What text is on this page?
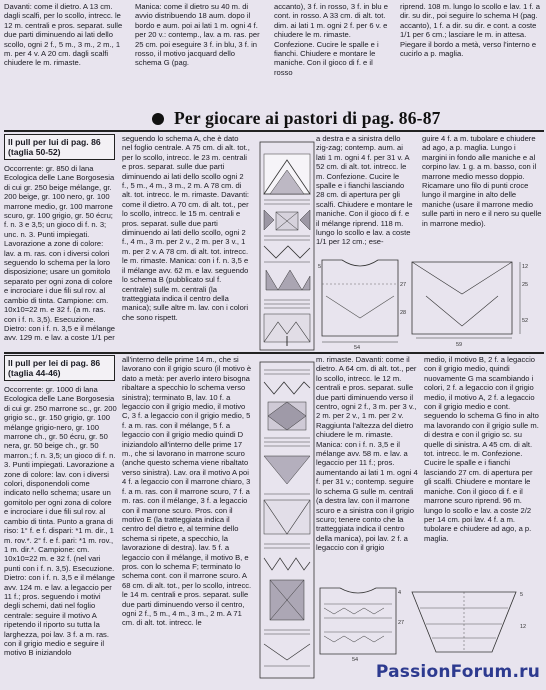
Davanti: come il dietro. A 13 cm. dagli scalfi, per lo scollo, intrecc. le 12 m. centrali e pros. separat. sulle due parti diminuendo ai lati dello scollo, ogni 2 f., 5 m., 3 m., 2 m., 1 m. per 4 v. A 20 cm. dagli scalfi chiudere le m. rimaste.

Manica: come il dietro su 40 m. di avvio distribuendo 18 aum. dopo il bordo e aum. poi ai lati 1 m. ogni 4 f. per 20 v.: contemp., lav. a m. ras. per 25 cm. poi eseguire 3 f. in blu, 3 f. in rosso, il motivo jacquard dello schema G (pag.

accanto), 3 f. in rosso, 3 f. in blu e cont. in rosso. A 33 cm. di alt. tot. dim. ai lati 1 m. ogni 2 f. per 6 v. e chiudere le m. rimaste. Confezione. Cucire le spalle e i fianchi. Chiudere e montare le maniche. Con il gioco di f. e il rosso

riprend. 108 m. lungo lo scollo e lav. 1 f. a dir. su dir., poi seguire lo schema H (pag. accanto), 1 f. a dir. su dir. e cont. a coste 1/1 per 6 cm.; lasciare le m. in attesa. Piegare il bordo a metà, verso l'interno e cucirlo a p. maglia.

Per giocare ai pastori di pag. 86-87
Il pull per lui di pag. 86 (taglia 50-52)

Occorrente: gr. 850 di lana Ecologica delle Lane Borgosesia di cui gr. 250 beige mélange, gr. 200 beige, gr. 100 nero, gr. 100 marrone medio, gr. 100 marrone scuro, gr. 100 grigio, gr. 50 écru; f. n. 3 e 3,5; un gioco di f. n. 3; unc. n. 3. Punti impiegati. Lavorazione a zone di colore: lav. a m. ras. con i diversi colori seguendo lo schema per la loro disposizione; usare un gomitolo separato per ogni zona di colore e incrociare i due fili sul rov. al cambio di tinta. Campione: cm. 10x10=22 m. e 32 f. (a m. ras. con i f. n. 3,5). Esecuzione. Dietro: con i f. n. 3,5 e il mélange avv. 129 m. e lav. a coste 1/1 per

seguendo lo schema A, che è dato nel foglio centrale. A 75 cm. di alt. tot., per lo scollo, intrecc. le 23 m. centrali e pros. separat. sulle due parti diminuendo ai lati dello scollo ogni 2 f., 5 m., 4 m., 3 m., 2 m. A 78 cm. di alt. tot. intrecc. le m. rimaste. Davanti: come il dietro. A 70 cm. di alt. tot., per lo scollo, intrecc. le 15 m. centrali e pros. separat. sulle due parti diminuendo ai lati dello scollo, ogni 2 f., 4 m., 3 m. per 2 v., 2 m. per 3 v., 1 m. per 2 v. A 78 cm. di alt. tot. intrecc. le m. rimaste. Manica: con i f. n. 3,5 e il mélange avv. 62 m. e lav. seguendo lo schema B (pubblicato sul f. centrale) sulle m. centrali (la tratteggiata indica il centro della manica); sulle altre m. lav. con i colori che sono rispett.

a destra e a sinistra dello zig-zag; contemp. aum. ai lati 1 m. ogni 4 f. per 31 v. A 52 cm. di alt. tot. intrecc. le m. Confezione. Cucire le spalle e i fianchi lasciando 28 cm. di apertura per gli scalfi. Chiudere e montare le maniche. Con il gioco di f. e il mélange riprend. 118 m. lungo lo scollo e lav. a coste 1/1 per 12 cm.; ese-

guire 4 f. a m. tubolare e chiudere ad ago, a p. maglia. Lungo i margini in fondo alle maniche e al corpino lav. 1 g. a m. basso, con il marrone medio messo doppio. Ricamare uno filo di punti croce lungo il margine in alto delle maniche (usare il marrone medio sulle parti in nero e il nero su quelle in marrone medio).

5
27
28
25
12
54	59
52
Il pull per lei di pag. 86 (taglia 44-46)

Occorrente: gr. 1000 di lana Ecologica delle Lane Borgosesia di cui gr. 250 marrone sc., gr. 200 grigio sc., gr. 150 grigio, gr. 100 mélange grigio-nero, gr. 100 marrone ch., gr. 50 écru, gr. 50 nera, gr. 50 beige ch., gr. 50 marron.; f. n. 3,5; un gioco di f. n. 3. Punti impiegati. Lavorazione a zone di colore: lav. con i diversi colori, disponendoli come indicato nello schema; usare un gomitolo per ogni zona di colore e incrociare i due fili sul rov. al cambio di tinta. Punto a grana di riso: 1° f. e f. dispari: *1 m. dir., 1 m. rov.*. 2° f. e f. pari: *1 m. rov., 1 m. dir.*. Campione: cm. 10x10=22 m. e 32 f. (nel vari punti con i f. n. 3,5). Esecuzione. Dietro: con i f. n. 3,5 e il mélange avv. 124 m. e lav. a legaccio per 11 f.; pros. seguendo i motivi degli schemi, dati nel foglio centrale: seguire il motivo A ripetendo il riporto su tutta la larghezza, poi lav. 3 f. a m. ras. con il grigio medio e seguire il motivo B iniziandolo

all'interno delle prime 14 m., che si lavorano con il grigio scuro (il motivo è dato a metà: per averlo intero bisogna ribaltare a specchio lo schema verso sinistra); terminato B, lav. 10 f. a legaccio con il grigio medio, il motivo C, 3 f. a legaccio con il grigio medio, 5 f. a m. ras. con il mélange, 5 f. a legaccio con il grigio medio quindi D iniziandolo all'interno delle prime 17 m., che si lavorano in marrone scuro (anche questo schema viene ribaltato verso sinistra). Lav. ora il motivo A poi 4 f. a legaccio con il marrone chiaro, 3 f. a m. ras. con il marrone scuro, 7 f. a m. ras. con il mélange, 3 f. a legaccio con il marrone scuro. Pros. con il motivo E (la tratteggiata indica il centro del dietro e, al termine dello schema si ripete, a specchio, la lavorazione di destra). lav. 5 f. a legaccio con il mélange, il motivo B, e pros. con lo schema F; terminato lo schema cont. con il marrone scuro. A 68 cm. di alt. tot., per lo scollo, intrecc. le 14 m. centrali e pros. separat. sulle due parti diminuendo verso il centro, ogni 2 f., 5 m., 4 m., 3 m., 2 m. A 71 cm. di alt. tot. intrecc. le

m. rimaste. Davanti: come il dietro. A 64 cm. di alt. tot., per lo scollo, intrecc. le 12 m. centrali e pros. separat. sulle due parti diminuendo verso il centro, ogni 2 f., 3 m. per 3 v., 2 m. per 2 v., 1 m. per 2 v. Raggiunta l'altezza del dietro chiudere le m. rimaste. Manica: con i f. n. 3,5 e il mélange avv. 58 m. e lav. a legaccio per 11 f.; pros. aumentando ai lati 1 m. ogni 4 f. per 31 v.; contemp. seguire lo schema G sulle m. centrali (a destra lav. con il marrone scuro e a sinistra con il grigio scuro; tenere conto che la tratteggiata indica il centro della manica), poi lav. 2 f. a legaccio con il grigio

medio, il motivo B, 2 f. a legaccio con il grigio medio, quindi nuovamente G ma scambiando i colori, 2 f. a legaccio con il grigio medio, il motivo A, 2 f. a legaccio con il grigio medio e cont. seguendo lo schema G fino in alto ma lavorando con il grigio sulle m. di destra e con il grigio sc. su quelle di sinistra. A 45 cm. di alt. tot. intrecc. le m. Confezione. Cucire le spalle e i fianchi lasciando 27 cm. di apertura per gli scalfi. Chiudere e montare le maniche. Con il gioco di f. e il marrone scuro riprend. 96 m. lungo lo scollo e lav. a coste 2/2 per 14 cm. poi lav. 4 f. a m. tubolare e chiudere ad ago, a p. maglia.

4
27
5
12
54
PassionForum.ru
